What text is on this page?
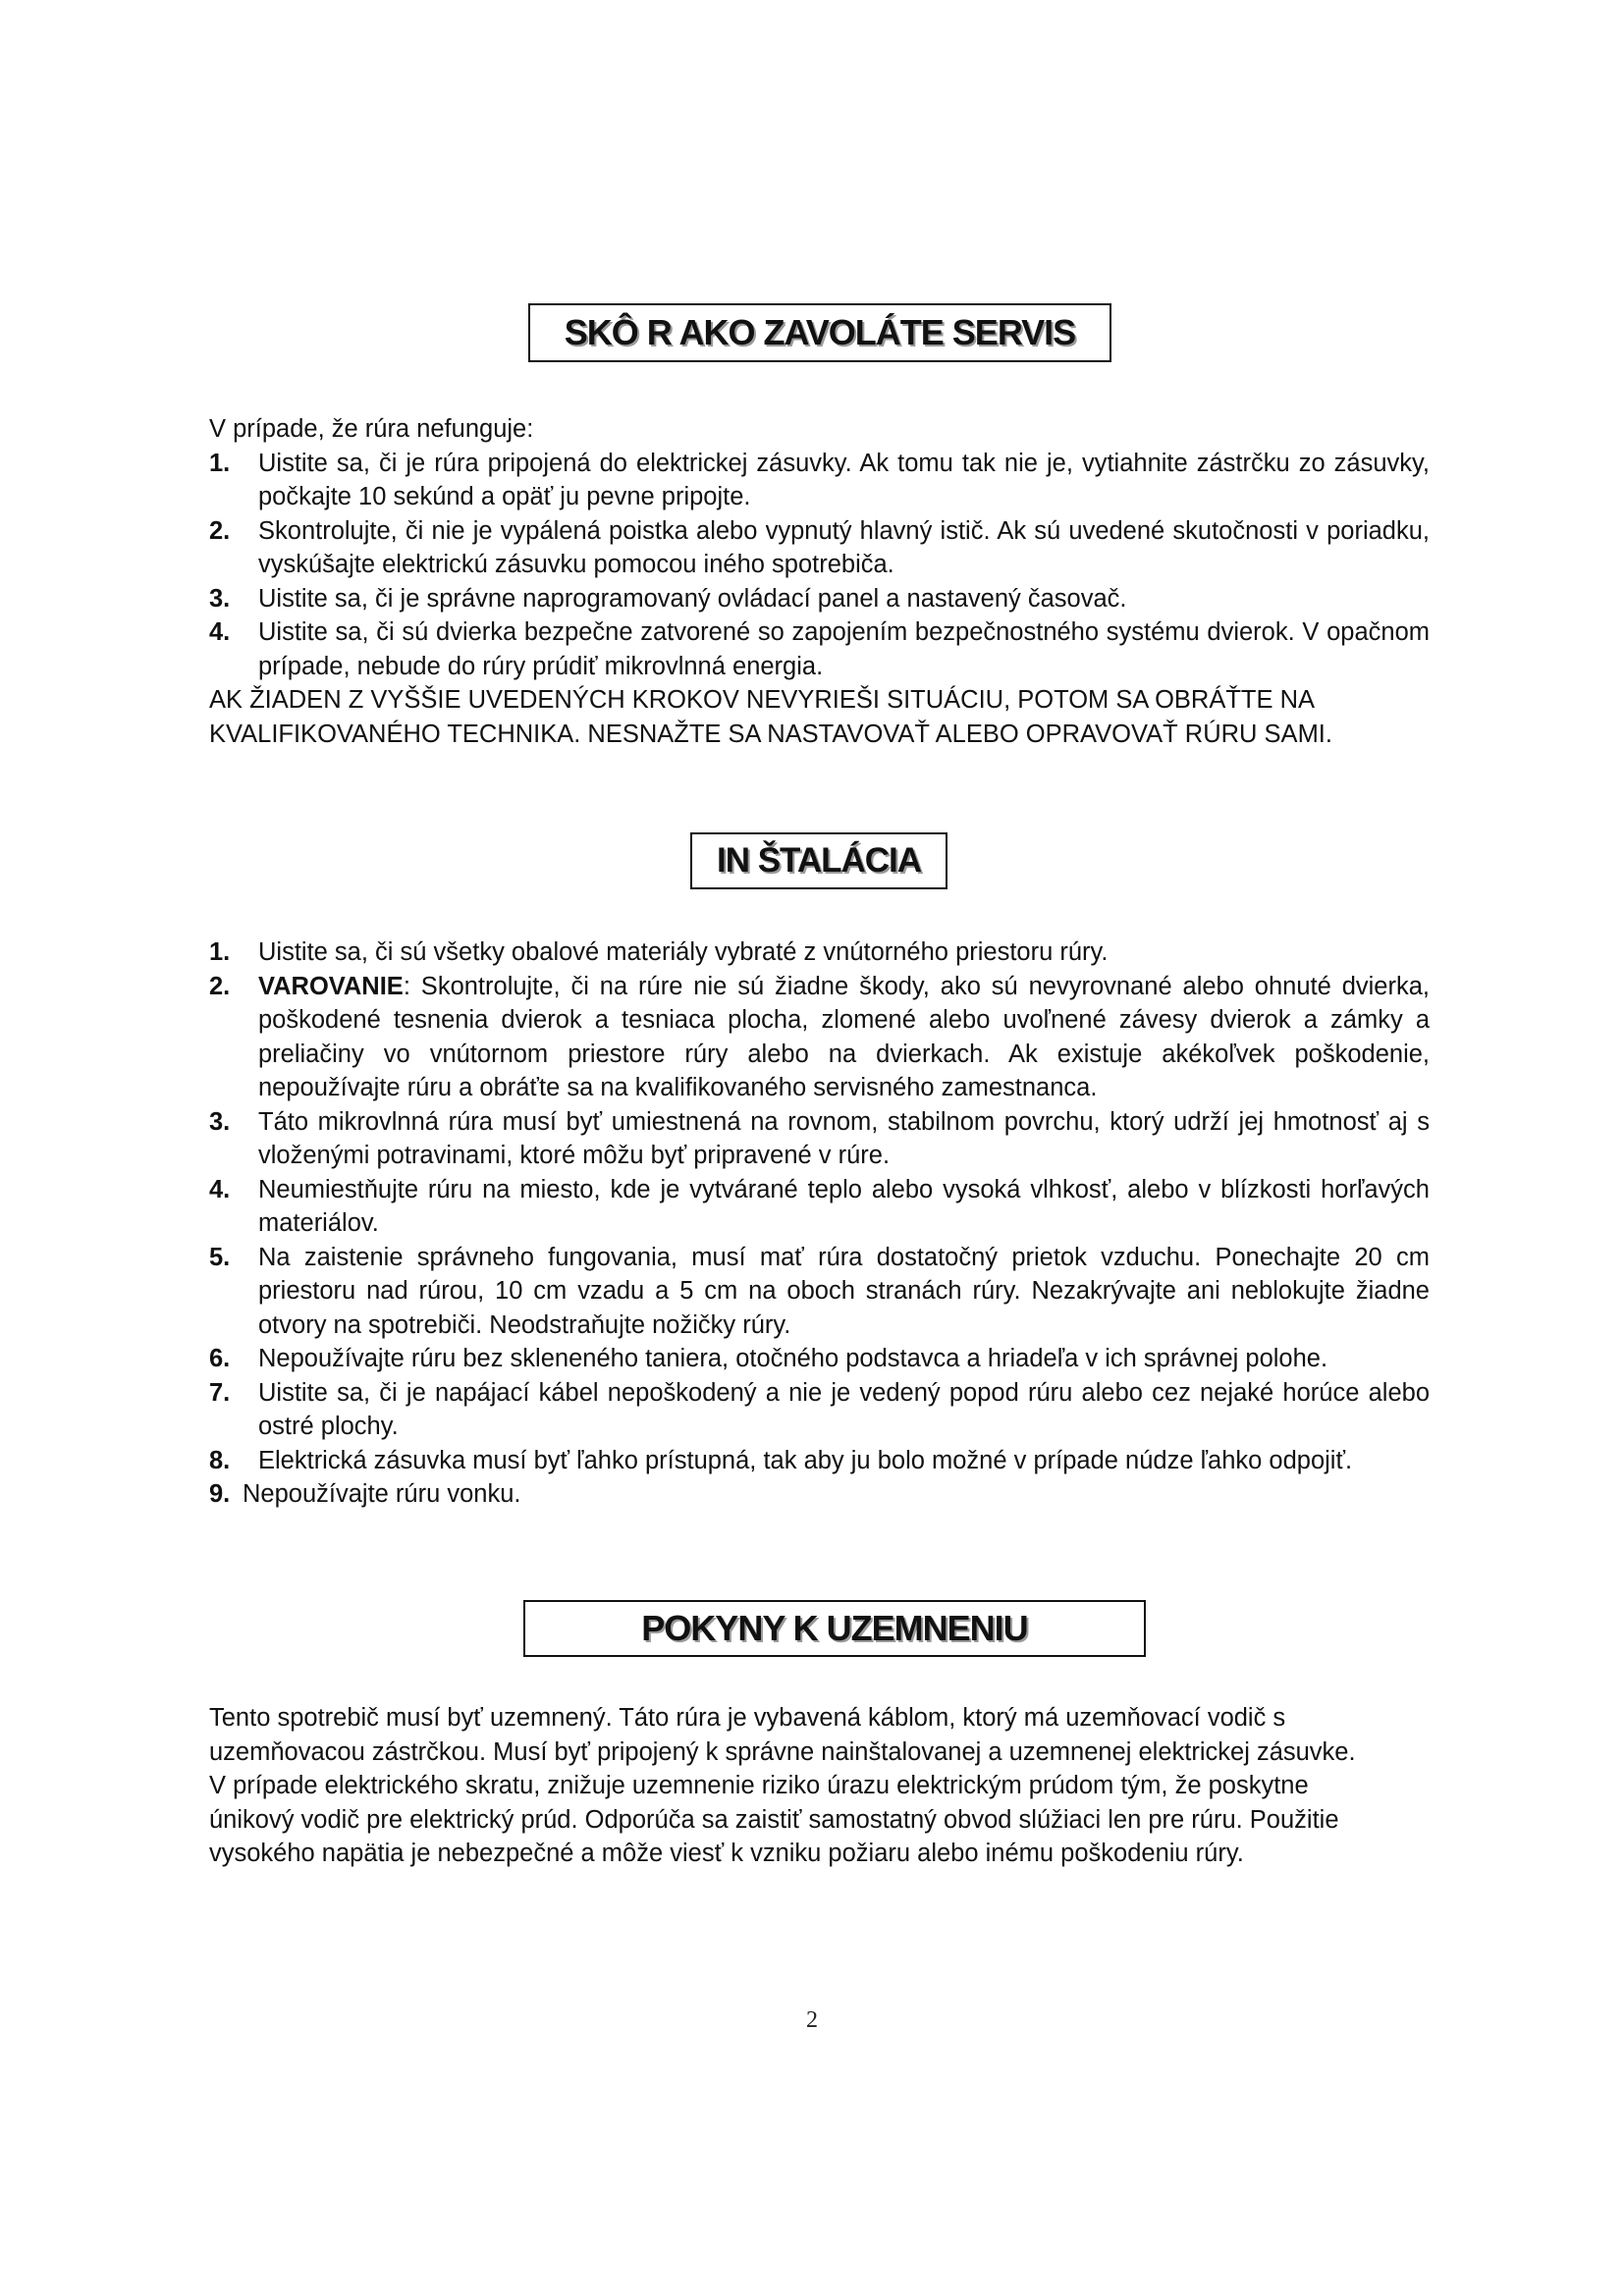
SKÔ R AKO ZAVOLÁTE SERVIS

V prípade, že rúra nefunguje:

1.	Uistite sa, či je rúra pripojená do elektrickej zásuvky. Ak tomu tak nie je, vytiahnite zástrčku zo zásuvky, počkajte 10 sekúnd a opäť ju pevne pripojte.
2.	Skontrolujte, či nie je vypálená poistka alebo vypnutý hlavný istič. Ak sú uvedené skutočnosti v poriadku, vyskúšajte elektrickú zásuvku pomocou iného spotrebiča.
3.	Uistite sa, či je správne naprogramovaný ovládací panel a nastavený časovač.
4.	Uistite sa, či sú dvierka bezpečne zatvorené so zapojením bezpečnostného systému dvierok. V opačnom prípade, nebude do rúry prúdiť mikrovlnná energia.

AK ŽIADEN Z VYŠŠIE UVEDENÝCH KROKOV NEVYRIEŠI SITUÁCIU, POTOM SA OBRÁŤTE NA

KVALIFIKOVANÉHO TECHNIKA. NESNAŽTE SA NASTAVOVAŤ ALEBO OPRAVOVAŤ RÚRU SAMI.

IN ŠTALÁCIA
1.	Uistite sa, či sú všetky obalové materiály vybraté z vnútorného priestoru rúry.
2.	VAROVANIE: Skontrolujte, či na rúre nie sú žiadne škody, ako sú nevyrovnané alebo ohnuté dvierka, poškodené tesnenia dvierok a tesniaca plocha, zlomené alebo uvoľnené závesy dvierok a zámky a preliačiny vo vnútornom priestore rúry alebo na dvierkach. Ak existuje akékoľvek poškodenie, nepoužívajte rúru a obráťte sa na kvalifikovaného servisného zamestnanca.
3.	Táto mikrovlnná rúra musí byť umiestnená na rovnom, stabilnom povrchu, ktorý udrží jej hmotnosť aj s vloženými potravinami, ktoré môžu byť pripravené v rúre.
4.	Neumiestňujte rúru na miesto, kde je vytvárané teplo alebo vysoká vlhkosť, alebo v blízkosti horľavých materiálov.
5.	Na zaistenie správneho fungovania, musí mať rúra dostatočný prietok vzduchu. Ponechajte 20 cm priestoru nad rúrou, 10 cm vzadu a 5 cm na oboch stranách rúry. Nezakrývajte ani neblokujte žiadne otvory na spotrebiči. Neodstraňujte nožičky rúry.
6.	Nepoužívajte rúru bez skleneného taniera, otočného podstavca a hriadeľa v ich správnej polohe.
7.	Uistite sa, či je napájací kábel nepoškodený a nie je vedený popod rúru alebo cez nejaké horúce alebo ostré plochy.
8.	Elektrická zásuvka musí byť ľahko prístupná, tak aby ju bolo možné v prípade núdze ľahko odpojiť.
9. Nepoužívajte rúru vonku.
POKYNY K UZEMNENIU

Tento spotrebič musí byť uzemnený. Táto rúra je vybavená káblom, ktorý má uzemňovací vodič s

uzemňovacou zástrčkou. Musí byť pripojený k správne nainštalovanej a uzemnenej elektrickej zásuvke.

V prípade elektrického skratu, znižuje uzemnenie riziko úrazu elektrickým prúdom tým, že poskytne

únikový vodič pre elektrický prúd. Odporúča sa zaistiť samostatný obvod slúžiaci len pre rúru. Použitie

vysokého napätia je nebezpečné a môže viesť k vzniku požiaru alebo inému poškodeniu rúry.

2
